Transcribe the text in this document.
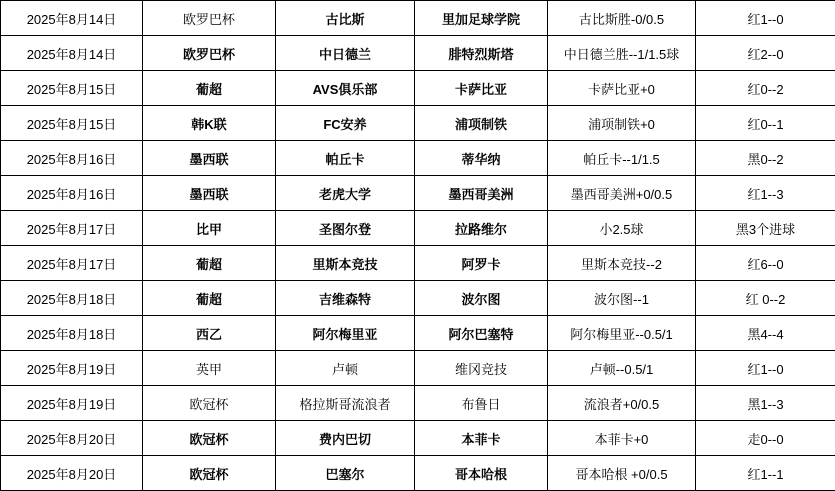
2025年8月14日	欧罗巴杯	古比斯	里加足球学院	古比斯胜-0/0.5	红1--0
2025年8月14日	欧罗巴杯	中日德兰	腓特烈斯塔	中日德兰胜--1/1.5球	红2--0
2025年8月15日	葡超	AVS俱乐部	卡萨比亚	卡萨比亚+0	红0--2
2025年8月15日	韩K联	FC安养	浦项制铁	浦项制铁+0	红0--1
2025年8月16日	墨西联	帕丘卡	蒂华纳	帕丘卡--1/1.5	黑0--2
2025年8月16日	墨西联	老虎大学	墨西哥美洲	墨西哥美洲+0/0.5	红1--3
2025年8月17日	比甲	圣图尔登	拉路维尔	小2.5球	黑3个进球
2025年8月17日	葡超	里斯本竞技	阿罗卡	里斯本竞技--2	红6--0
2025年8月18日	葡超	吉维森特	波尔图	波尔图--1	红 0--2
2025年8月18日	西乙	阿尔梅里亚	阿尔巴塞特	阿尔梅里亚--0.5/1	黑4--4
2025年8月19日	英甲	卢顿	维冈竞技	卢顿--0.5/1	红1--0
2025年8月19日	欧冠杯	格拉斯哥流浪者	布鲁日	流浪者+0/0.5	黑1--3
2025年8月20日	欧冠杯	费内巴切	本菲卡	本菲卡+0	走0--0
2025年8月20日	欧冠杯	巴塞尔	哥本哈根	哥本哈根 +0/0.5	红1--1
